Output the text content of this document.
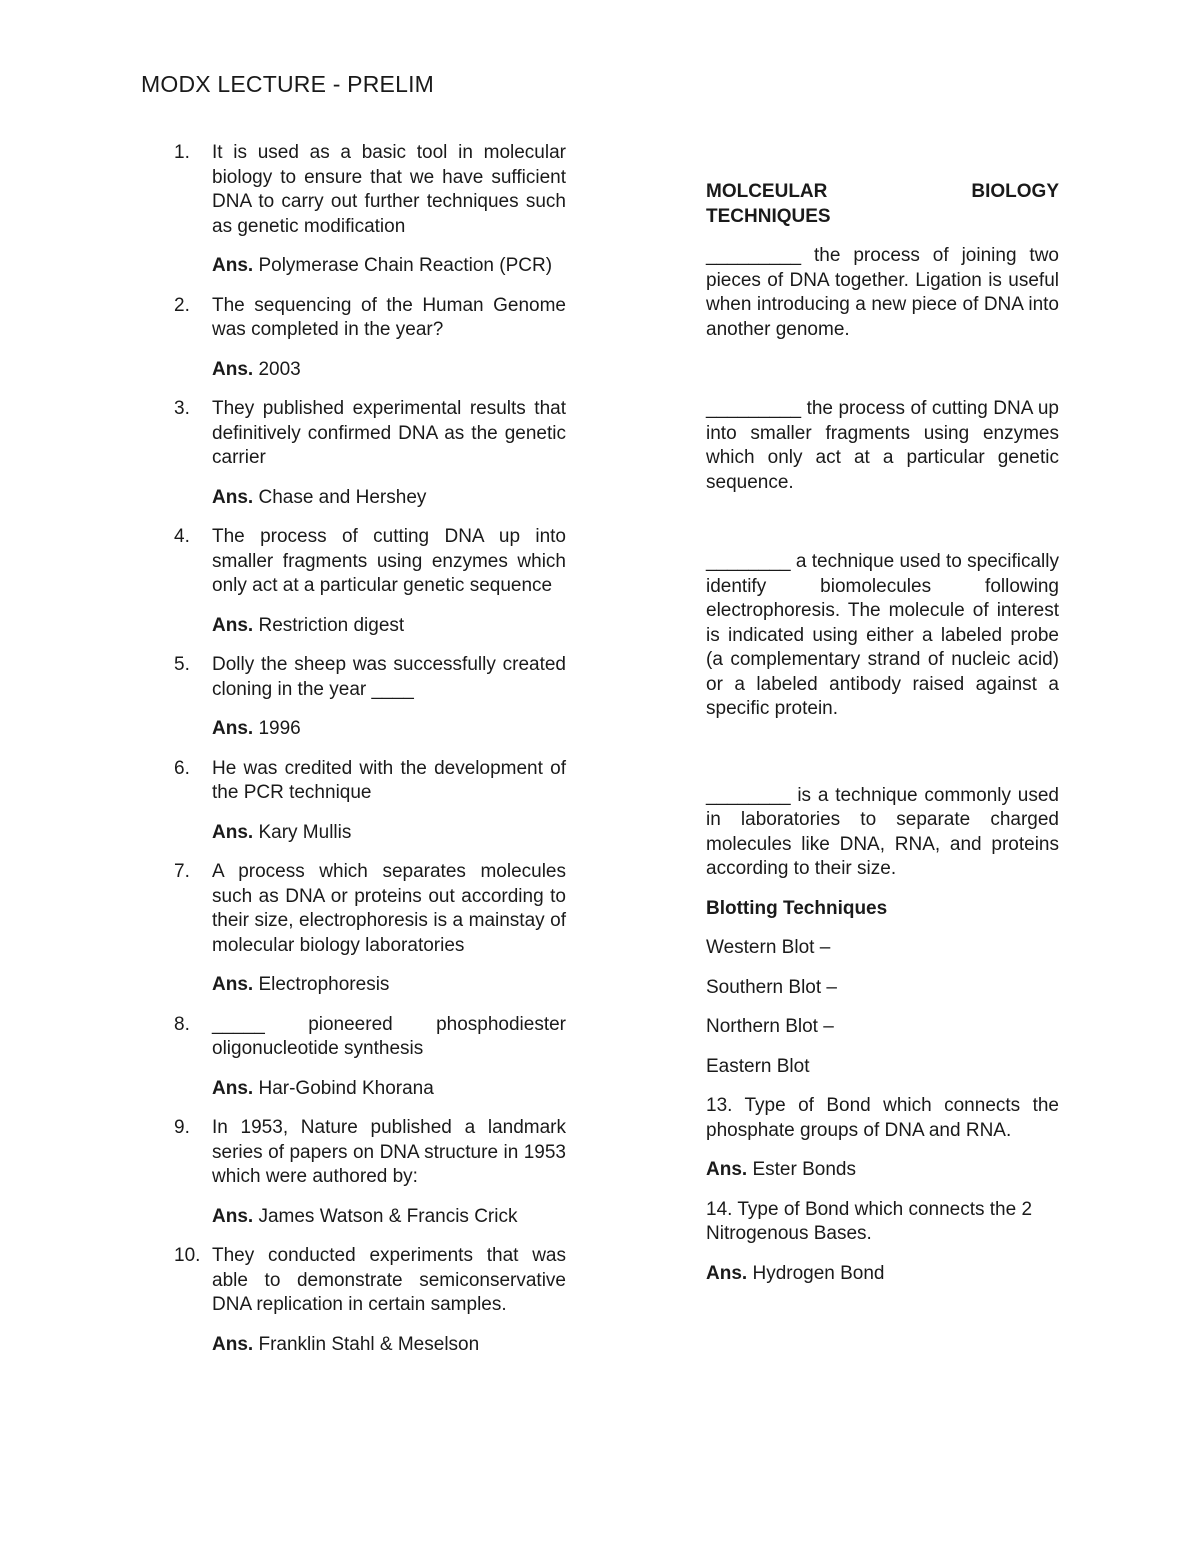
MODX LECTURE - PRELIM
1.	It is used as a basic tool in molecular biology to ensure that we have sufficient DNA to carry out further techniques such as genetic modification
Ans. Polymerase Chain Reaction (PCR)
2.	The sequencing of the Human Genome was completed in the year?
Ans. 2003
3.	They published experimental results that definitively confirmed DNA as the genetic carrier
Ans. Chase and Hershey
4.	The process of cutting DNA up into smaller fragments using enzymes which only act at a particular genetic sequence
Ans. Restriction digest
5.	Dolly the sheep was successfully created cloning in the year ____
Ans. 1996
6.	He was credited with the development of the PCR technique
Ans. Kary Mullis
7.	A process which separates molecules such as DNA or proteins out according to their size, electrophoresis is a mainstay of molecular biology laboratories
Ans. Electrophoresis
8.	_____ pioneered phosphodiester oligonucleotide synthesis
Ans. Har-Gobind Khorana
9.	In 1953, Nature published a landmark series of papers on DNA structure in 1953 which were authored by:
Ans. James Watson & Francis Crick
10. They conducted experiments that was able to demonstrate semiconservative DNA replication in certain samples.
Ans. Franklin Stahl & Meselson
MOLCEULAR BIOLOGY
TECHNIQUES

_________ the process of joining two pieces of DNA together. Ligation is useful when introducing a new piece of DNA into another genome.

_________ the process of cutting DNA up into smaller fragments using enzymes which only act at a particular genetic sequence.

________ a technique used to specifically identify biomolecules following electrophoresis. The molecule of interest is indicated using either a labeled probe (a complementary strand of nucleic acid) or a labeled antibody raised against a specific protein.

________ is a technique commonly used in laboratories to separate charged molecules like DNA, RNA, and proteins according to their size.

Blotting Techniques
Western Blot –
Southern Blot –
Northern Blot –
Eastern Blot

13. Type of Bond which connects the phosphate groups of DNA and RNA.

Ans. Ester Bonds

14. Type of Bond which connects the 2 Nitrogenous Bases.

Ans. Hydrogen Bond
